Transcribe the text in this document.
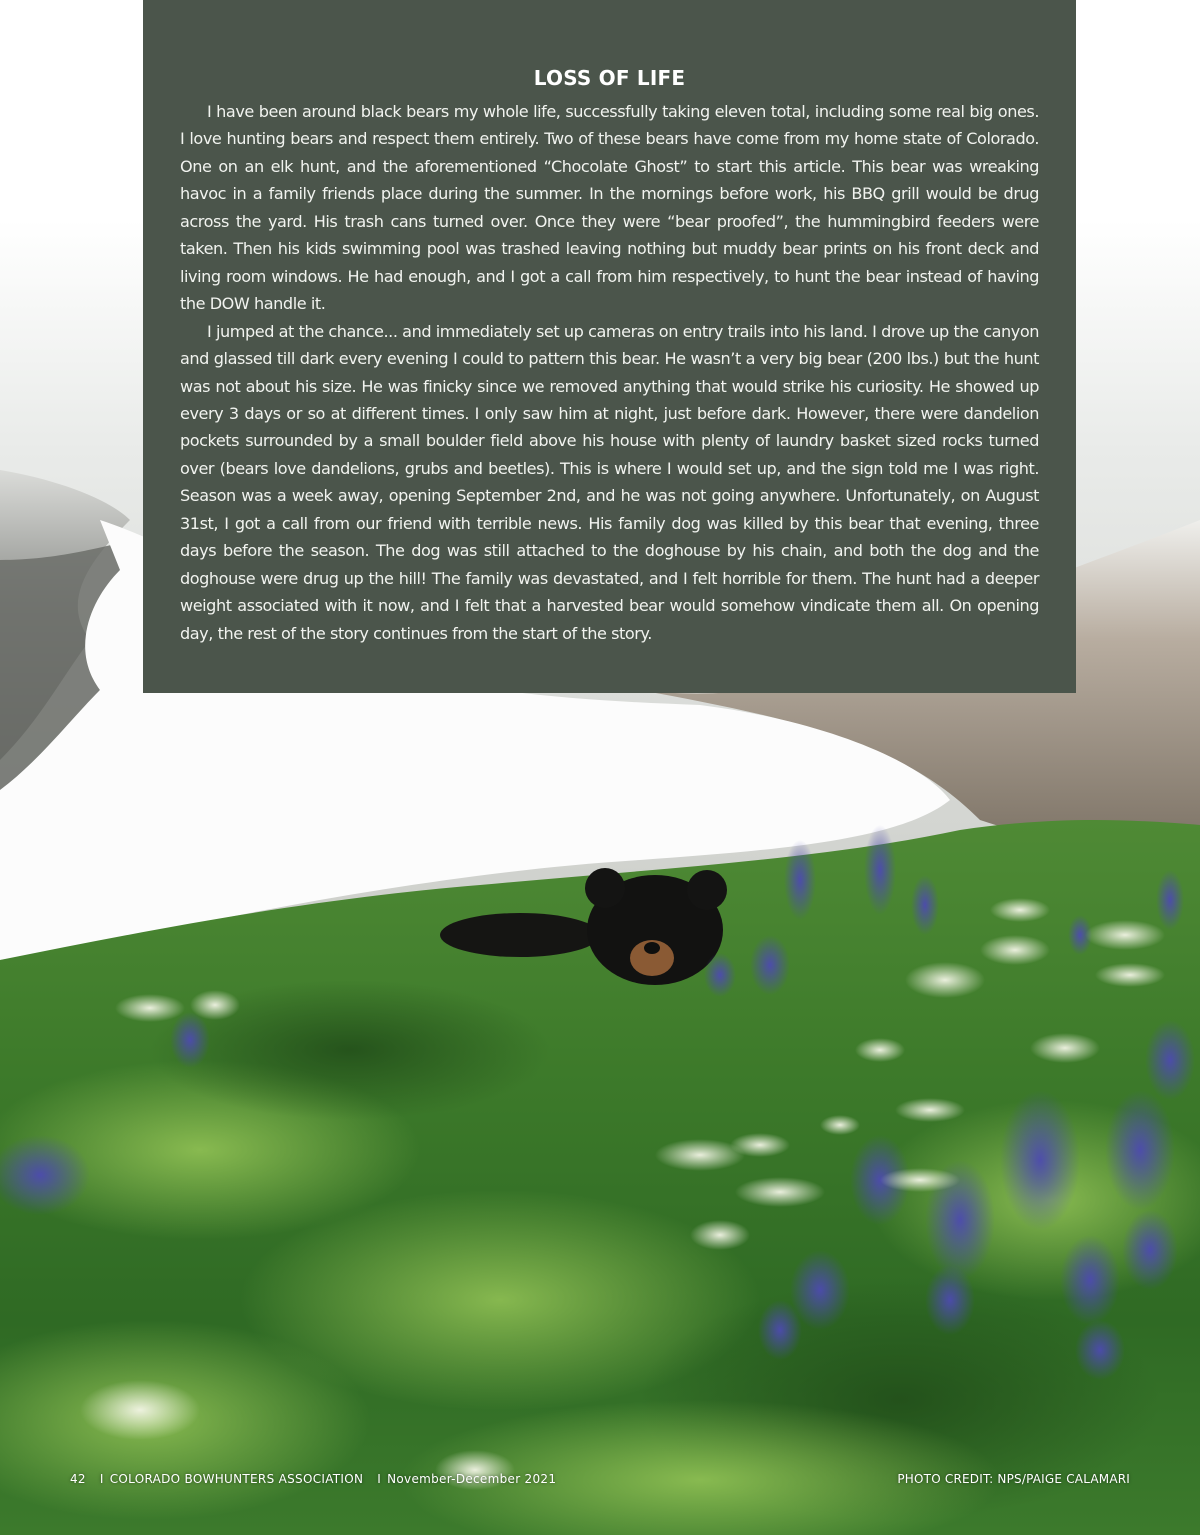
LOSS OF LIFE

I have been around black bears my whole life, successfully taking eleven total, including some real big ones. I love hunting bears and respect them entirely. Two of these bears have come from my home state of Colorado. One on an elk hunt, and the aforementioned “Chocolate Ghost” to start this article. This bear was wreaking havoc in a family friends place during the summer. In the mornings before work, his BBQ grill would be drug across the yard. His trash cans turned over. Once they were “bear proofed”, the hummingbird feeders were taken. Then his kids swimming pool was trashed leaving nothing but muddy bear prints on his front deck and living room windows. He had enough, and I got a call from him respectively, to hunt the bear instead of having the DOW handle it.

I jumped at the chance... and immediately set up cameras on entry trails into his land. I drove up the canyon and glassed till dark every evening I could to pattern this bear. He wasn’t a very big bear (200 lbs.) but the hunt was not about his size. He was finicky since we removed anything that would strike his curiosity. He showed up every 3 days or so at different times. I only saw him at night, just before dark. However, there were dandelion pockets surrounded by a small boulder field above his house with plenty of laundry basket sized rocks turned over (bears love dandelions, grubs and beetles). This is where I would set up, and the sign told me I was right. Season was a week away, opening September 2nd, and he was not going anywhere. Unfortunately, on August 31st, I got a call from our friend with terrible news. His family dog was killed by this bear that evening, three days before the season. The dog was still attached to the doghouse by his chain, and both the dog and the doghouse were drug up the hill! The family was devastated, and I felt horrible for them. The hunt had a deeper weight associated with it now, and I felt that a harvested bear would somehow vindicate them all. On opening day, the rest of the story continues from the start of the story.

42 I COLORADO BOWHUNTERS ASSOCIATION I November-December 2021	PHOTO CREDIT: NPS/PAIGE CALAMARI
